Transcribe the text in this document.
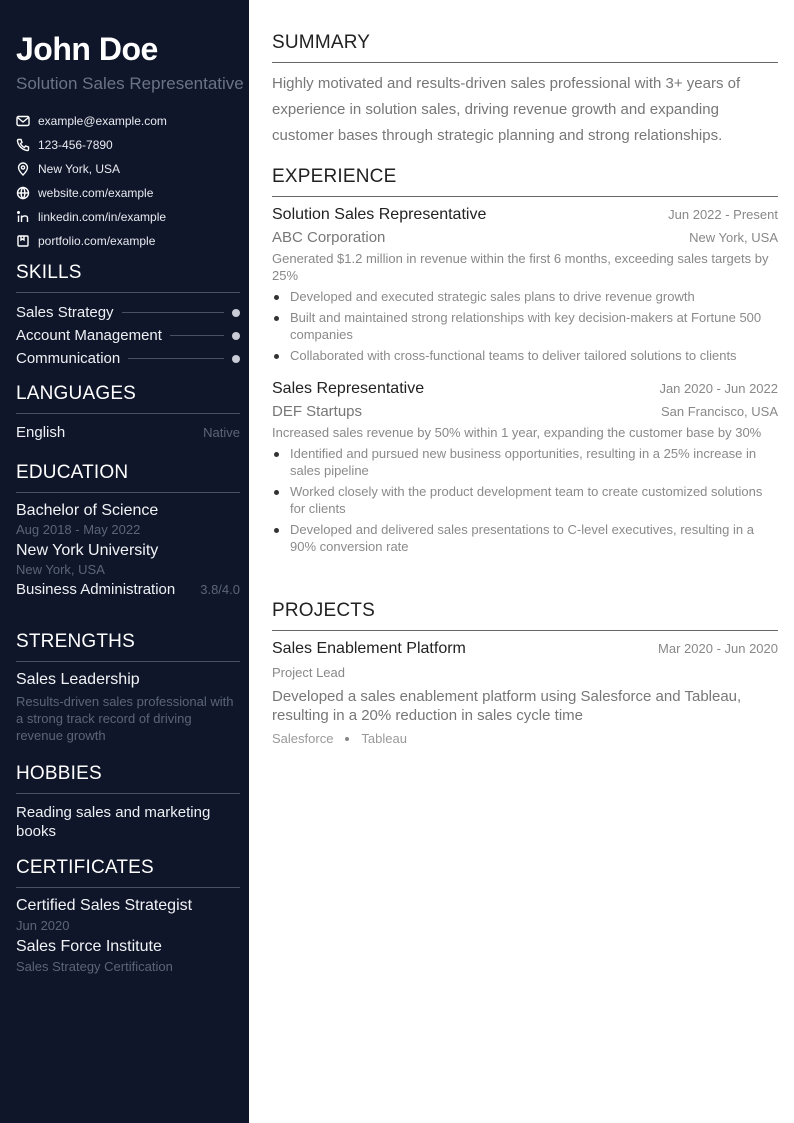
John Doe
Solution Sales Representative
example@example.com
123-456-7890
New York, USA
website.com/example
linkedin.com/in/example
portfolio.com/example
SKILLS
Sales Strategy
Account Management
Communication
LANGUAGES
English	Native
EDUCATION
Bachelor of Science
Aug 2018 - May 2022
New York University
New York, USA
Business Administration 3.8/4.0
STRENGTHS
Sales Leadership
Results-driven sales professional with a strong track record of driving revenue growth
HOBBIES
Reading sales and marketing books
CERTIFICATES
Certified Sales Strategist
Jun 2020
Sales Force Institute
Sales Strategy Certification
SUMMARY
Highly motivated and results-driven sales professional with 3+ years of experience in solution sales, driving revenue growth and expanding customer bases through strategic planning and strong relationships.
EXPERIENCE
Solution Sales Representative	Jun 2022 - Present
ABC Corporation	New York, USA
Generated $1.2 million in revenue within the first 6 months, exceeding sales targets by 25%
Developed and executed strategic sales plans to drive revenue growth
Built and maintained strong relationships with key decision-makers at Fortune 500 companies
Collaborated with cross-functional teams to deliver tailored solutions to clients
Sales Representative	Jan 2020 - Jun 2022
DEF Startups	San Francisco, USA
Increased sales revenue by 50% within 1 year, expanding the customer base by 30%
Identified and pursued new business opportunities, resulting in a 25% increase in sales pipeline
Worked closely with the product development team to create customized solutions for clients
Developed and delivered sales presentations to C-level executives, resulting in a 90% conversion rate
PROJECTS
Sales Enablement Platform	Mar 2020 - Jun 2020
Project Lead
Developed a sales enablement platform using Salesforce and Tableau, resulting in a 20% reduction in sales cycle time
Salesforce Tableau
